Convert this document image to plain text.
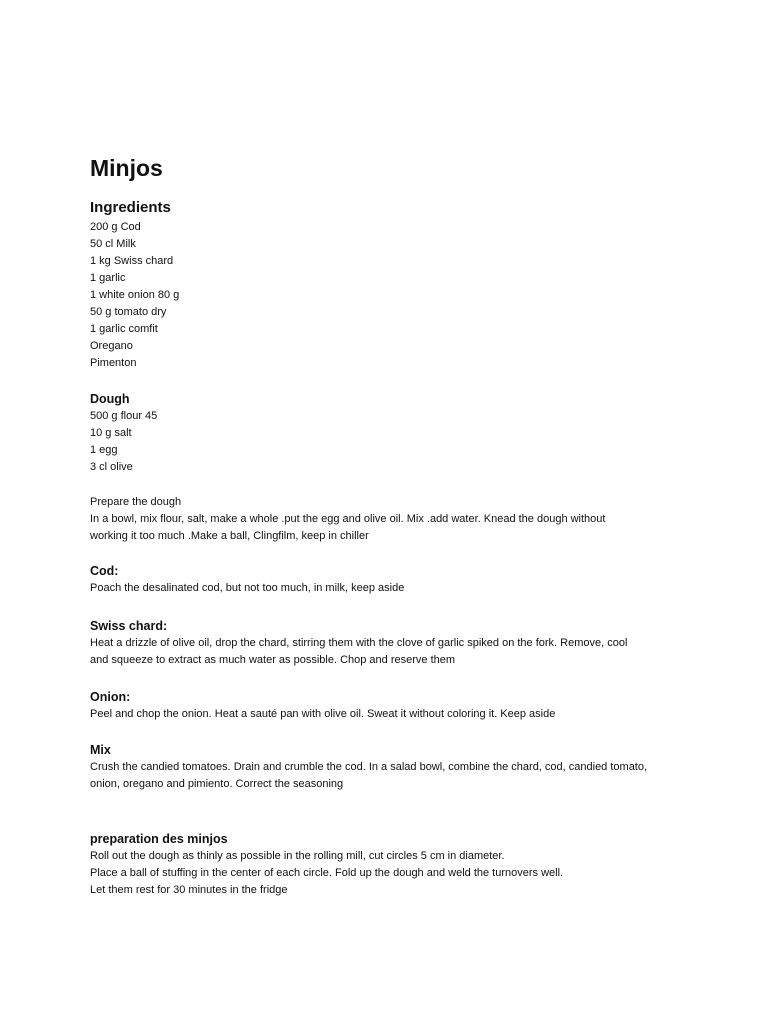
Minjos
Ingredients
200 g Cod
50 cl Milk
1 kg Swiss chard
1 garlic
1 white onion 80 g
50 g tomato dry
1 garlic comfit
Oregano
Pimenton
Dough
500 g flour 45
10 g salt
1 egg
3 cl olive

Prepare the dough

In a bowl, mix flour, salt, make a whole .put the egg and olive oil. Mix .add water. Knead the dough without

working it too much .Make a ball, Clingfilm, keep in chiller

Cod:

Poach the desalinated cod, but not too much, in milk, keep aside

Swiss chard:

Heat a drizzle of olive oil, drop the chard, stirring them with the clove of garlic spiked on the fork. Remove, cool

and squeeze to extract as much water as possible. Chop and reserve them

Onion:

Peel and chop the onion. Heat a sauté pan with olive oil. Sweat it without coloring it. Keep aside

Mix

Crush the candied tomatoes. Drain and crumble the cod. In a salad bowl, combine the chard, cod, candied tomato,

onion, oregano and pimiento. Correct the seasoning

preparation des minjos

Roll out the dough as thinly as possible in the rolling mill, cut circles 5 cm in diameter.

Place a ball of stuffing in the center of each circle. Fold up the dough and weld the turnovers well.

Let them rest for 30 minutes in the fridge
